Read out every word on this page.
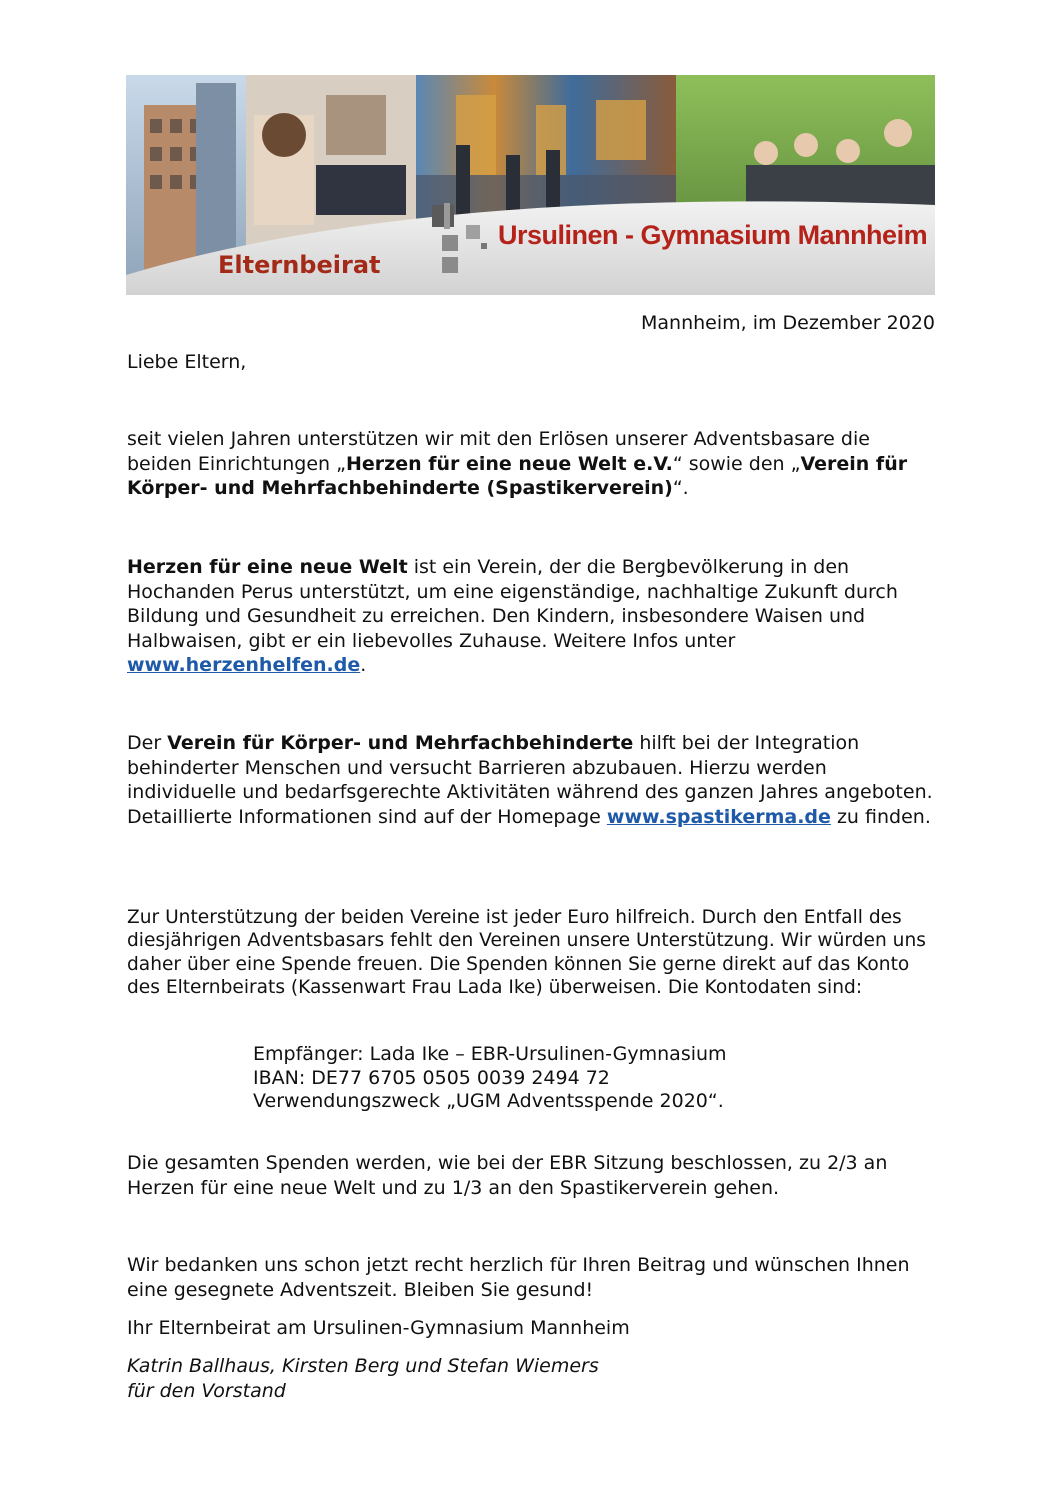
Elternbeirat
Ursulinen - Gymnasium Mannheim
Mannheim, im Dezember 2020

Liebe Eltern,

seit vielen Jahren unterstützen wir mit den Erlösen unserer Adventsbasare die beiden Einrichtungen „Herzen für eine neue Welt e.V.“ sowie den „Verein für Körper- und Mehrfachbehinderte (Spastikerverein)“.

Herzen für eine neue Welt ist ein Verein, der die Bergbevölkerung in den Hochanden Perus unterstützt, um eine eigenständige, nachhaltige Zukunft durch Bildung und Gesundheit zu erreichen. Den Kindern, insbesondere Waisen und Halbwaisen, gibt er ein liebevolles Zuhause. Weitere Infos unter www.herzenhelfen.de.

Der Verein für Körper- und Mehrfachbehinderte hilft bei der Integration behinderter Menschen und versucht Barrieren abzubauen. Hierzu werden individuelle und bedarfsgerechte Aktivitäten während des ganzen Jahres angeboten. Detaillierte Informationen sind auf der Homepage www.spastikerma.de zu finden.

Zur Unterstützung der beiden Vereine ist jeder Euro hilfreich. Durch den Entfall des diesjährigen Adventsbasars fehlt den Vereinen unsere Unterstützung. Wir würden uns daher über eine Spende freuen. Die Spenden können Sie gerne direkt auf das Konto des Elternbeirats (Kassenwart Frau Lada Ike) überweisen. Die Kontodaten sind:

Empfänger: Lada Ike – EBR-Ursulinen-Gymnasium
IBAN: DE77 6705 0505 0039 2494 72
Verwendungszweck „UGM Adventsspende 2020“.

Die gesamten Spenden werden, wie bei der EBR Sitzung beschlossen, zu 2/3 an Herzen für eine neue Welt und zu 1/3 an den Spastikerverein gehen.

Wir bedanken uns schon jetzt recht herzlich für Ihren Beitrag und wünschen Ihnen eine gesegnete Adventszeit. Bleiben Sie gesund!

Ihr Elternbeirat am Ursulinen-Gymnasium Mannheim

Katrin Ballhaus, Kirsten Berg und Stefan Wiemers
für den Vorstand
